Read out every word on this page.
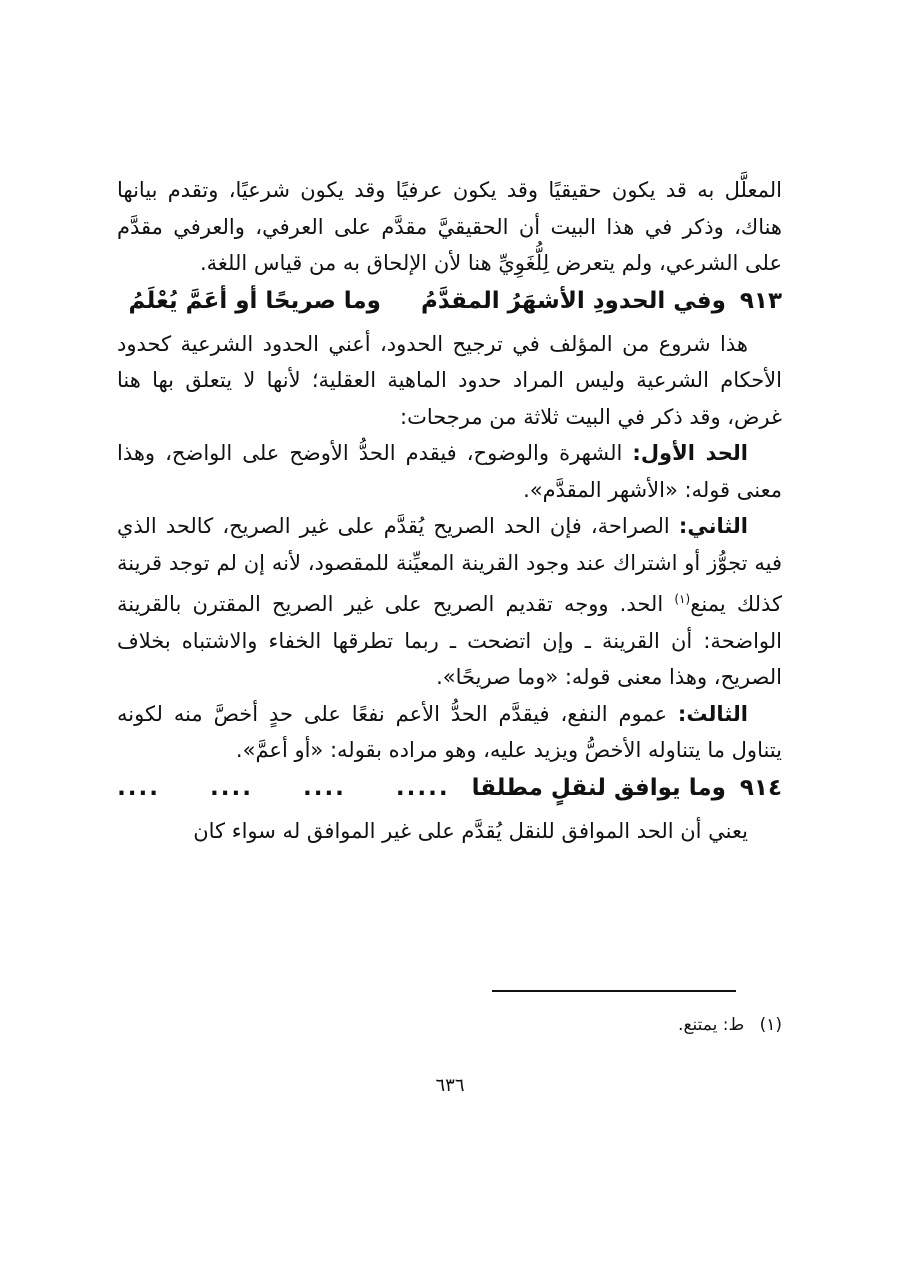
المعلَّل به قد يكون حقيقيًا وقد يكون عرفيًا وقد يكون شرعيًا، وتقدم بيانها هناك، وذكر في هذا البيت أن الحقيقيَّ مقدَّم على العرفي، والعرفي مقدَّم على الشرعي، ولم يتعرض لِلُّغَوِيِّ هنا لأن الإلحاق به من قياس اللغة.

٩١٣
وفي الحدودِ الأشهَرُ المقدَّمُ
وما صريحًا أو أعَمَّ يُعْلَمُ

هذا شروع من المؤلف في ترجيح الحدود، أعني الحدود الشرعية كحدود الأحكام الشرعية وليس المراد حدود الماهية العقلية؛ لأنها لا يتعلق بها هنا غرض، وقد ذكر في البيت ثلاثة من مرجحات:

الحد الأول: الشهرة والوضوح، فيقدم الحدُّ الأوضح على الواضح، وهذا معنى قوله: «الأشهر المقدَّم».

الثاني: الصراحة، فإن الحد الصريح يُقدَّم على غير الصريح، كالحد الذي فيه تجوُّز أو اشتراك عند وجود القرينة المعيِّنة للمقصود، لأنه إن لم توجد قرينة كذلك يمنع$^{(١)}$ الحد. ووجه تقديم الصريح على غير الصريح المقترن بالقرينة الواضحة: أن القرينة ـ وإن اتضحت ـ ربما تطرقها الخفاء والاشتباه بخلاف الصريح، وهذا معنى قوله: «وما صريحًا».

الثالث: عموم النفع، فيقدَّم الحدُّ الأعم نفعًا على حدٍ أخصَّ منه لكونه يتناول ما يتناوله الأخصُّ ويزيد عليه، وهو مراده بقوله: «أو أعمَّ».

٩١٤
وما يوافق لنقلٍ مطلقا
.....
....
....
....

يعني أن الحد الموافق للنقل يُقدَّم على غير الموافق له سواء كان

(١) ط: يمتنع.
٦٣٦
